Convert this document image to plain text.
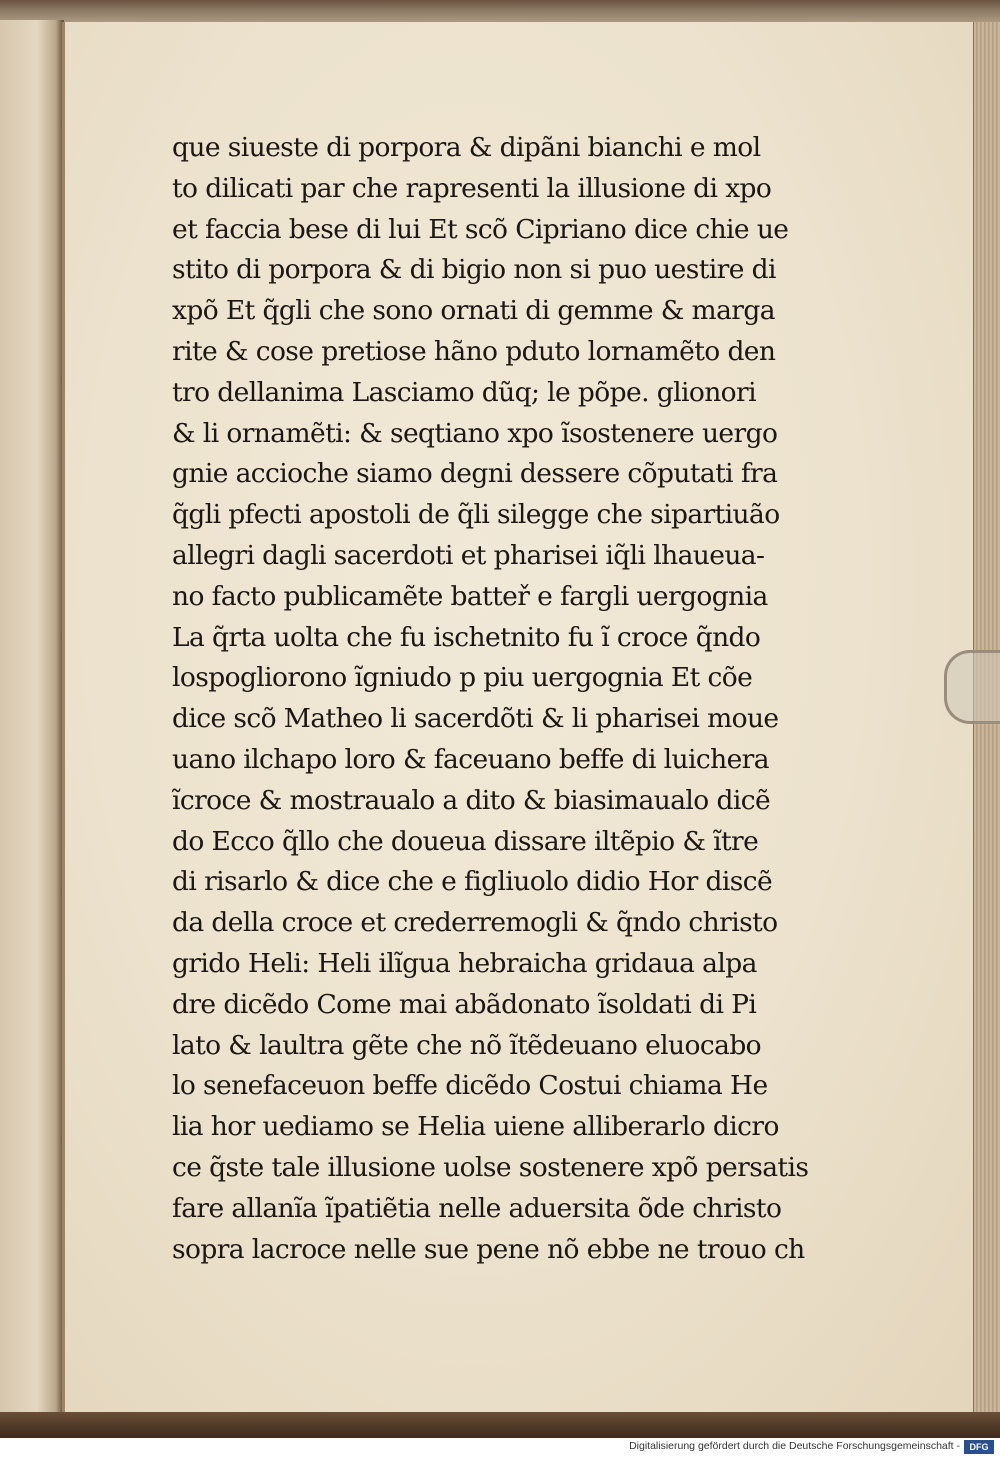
que siueste di porpora & dipãni bianchi e mol
to dilicati par che rapresenti la illusione di xpo
et faccia bese di lui Et scõ Cipriano dice chie ue
stito di porpora & di bigio non si puo uestire di
xpõ Et q̃gli che sono ornati di gemme & marga
rite & cose pretiose hãno pduto lornamẽto den
tro dellanima Lasciamo dũq; le põpe. glionori
& li ornamẽti: & seqtiano xpo ĩsostenere uergo
gnie accioche siamo degni dessere cõputati fra
q̃gli pfecti apostoli de q̃li silegge che sipartiuão
allegri dagli sacerdoti et pharisei iq̃li lhaueua-
no facto publicamẽte batteř e fargli uergognia
La q̃rta uolta che fu ischetnito fu ĩ croce q̃ndo
lospogliorono ĩgniudo p piu uergognia Et cõe
dice scõ Matheo li sacerdõti & li pharisei moue
uano ilchapo loro & faceuano beffe di luichera
ĩcroce & mostraualo a dito & biasimaualo dicẽ
do Ecco q̃llo che doueua dissare iltẽpio & ĩtre
di risarlo & dice che e figliuolo didio Hor discẽ
da della croce et crederremogli & q̃ndo christo
grido Heli: Heli ilĩgua hebraicha gridaua alpa
dre dicẽdo Come mai abãdonato ĩsoldati di Pi
lato & laultra gẽte che nõ ĩtẽdeuano eluocabo
lo senefaceuon beffe dicẽdo Costui chiama He
lia hor uediamo se Helia uiene alliberarlo dicro
ce q̃ste tale illusione uolse sostenere xpõ persatis
fare allanĩa ĩpatiẽtia nelle aduersita õde christo
sopra lacroce nelle sue pene nõ ebbe ne trouo ch
Digitalisierung gefördert durch die Deutsche Forschungsgemeinschaft -	DFG
